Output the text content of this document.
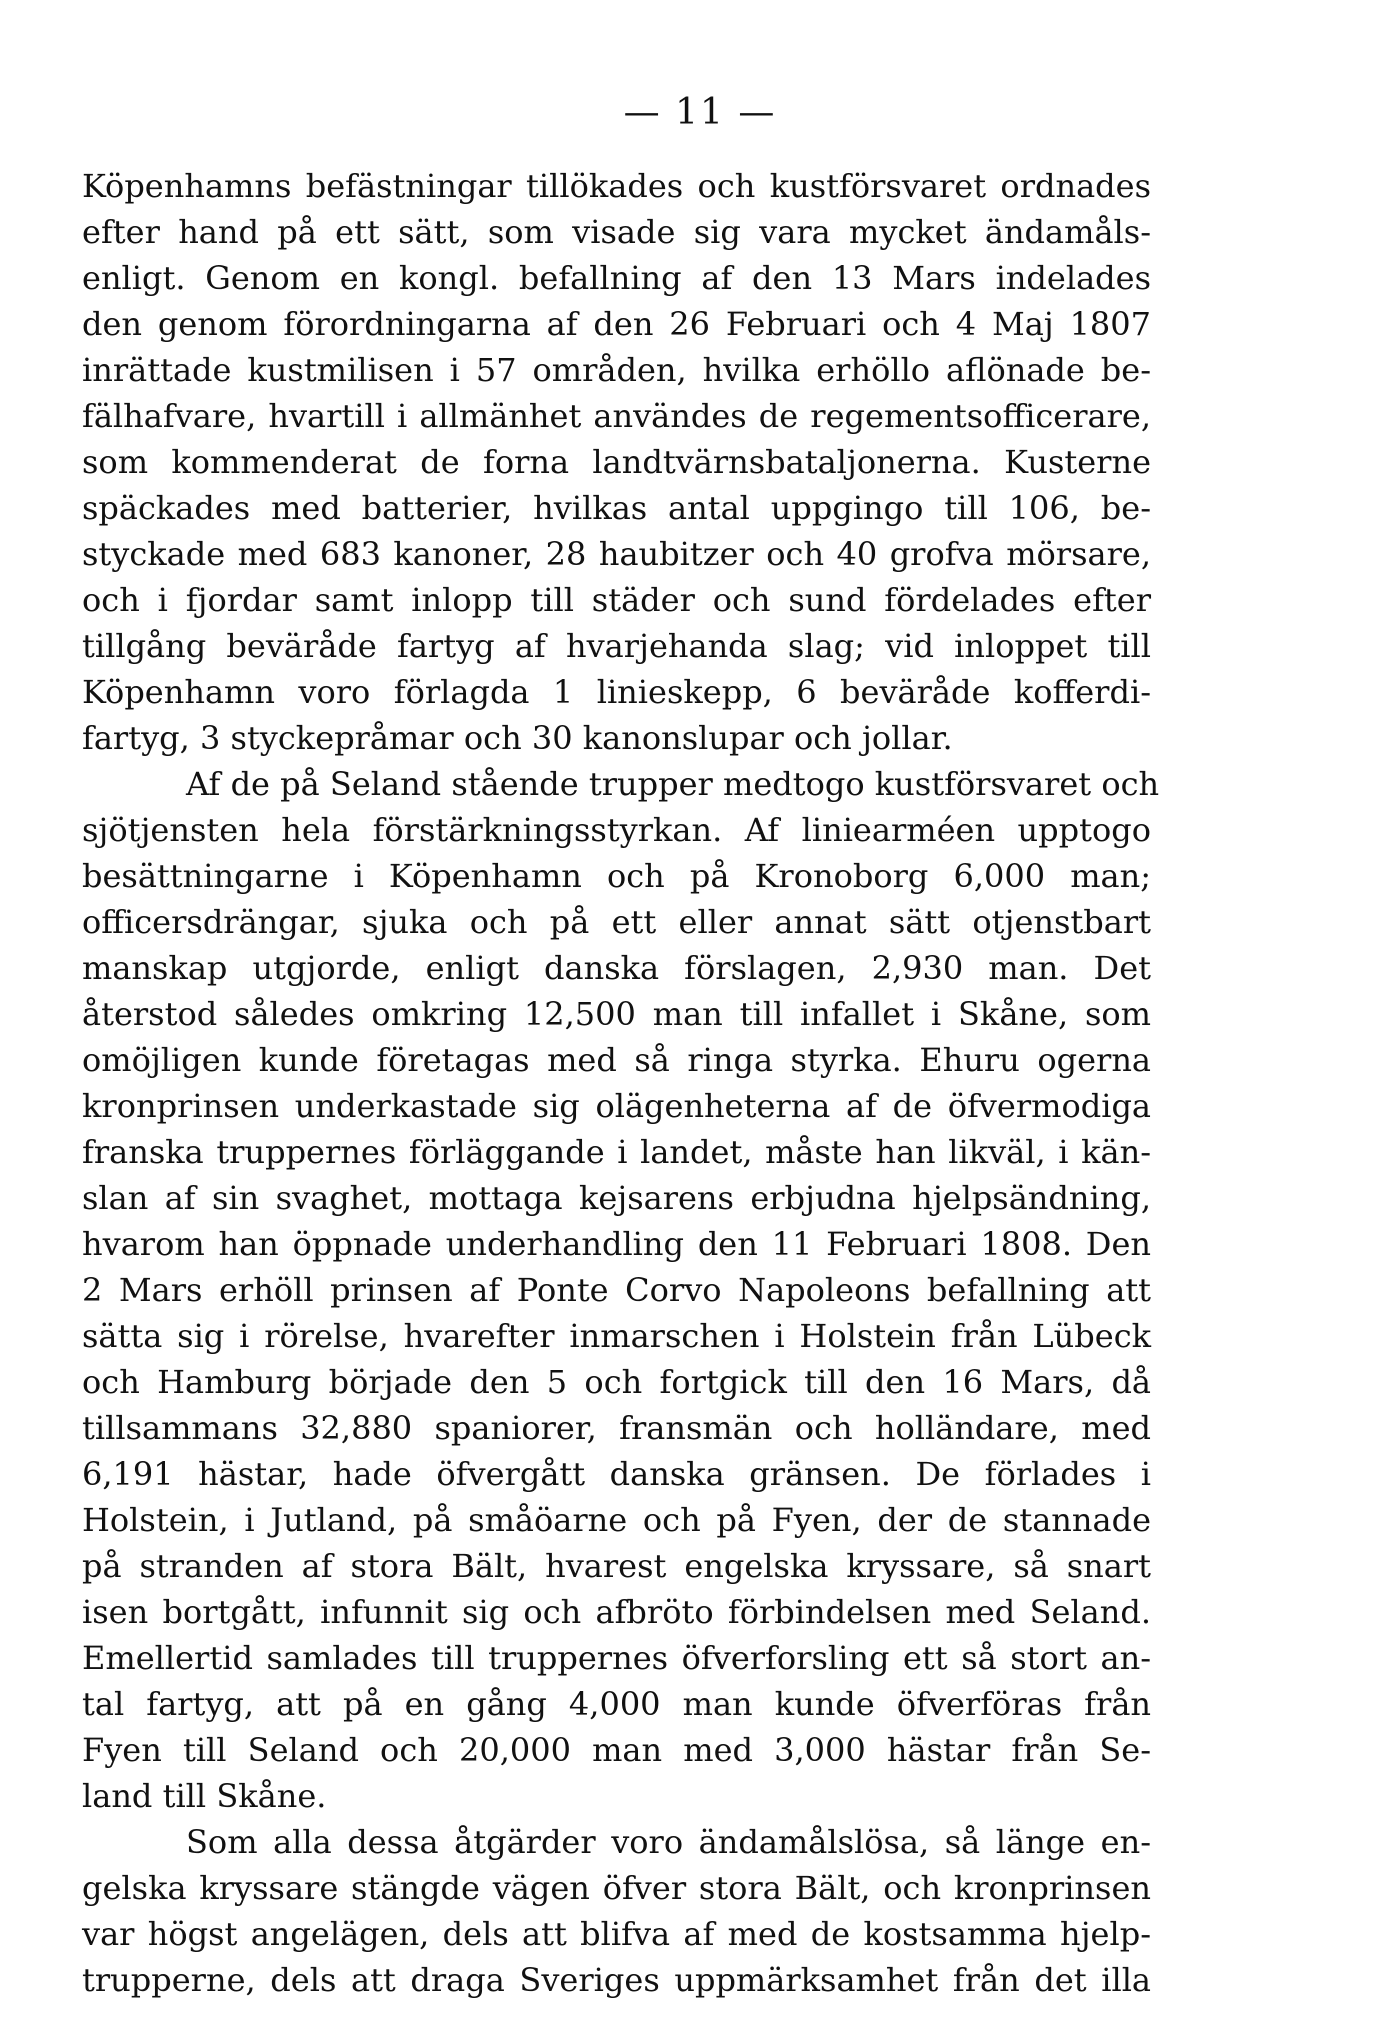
— 11 —
Köpenhamns befästningar tillökades och kustförsvaret ordnades
efter hand på ett sätt, som visade sig vara mycket ändamåls-
enligt. Genom en kongl. befallning af den 13 Mars indelades
den genom förordningarna af den 26 Februari och 4 Maj 1807
inrättade kustmilisen i 57 områden, hvilka erhöllo aflönade be-
fälhafvare, hvartill i allmänhet användes de regementsofficerare,
som kommenderat de forna landtvärnsbataljonerna. Kusterne
späckades med batterier, hvilkas antal uppgingo till 106, be-
styckade med 683 kanoner, 28 haubitzer och 40 grofva mörsare,
och i fjordar samt inlopp till städer och sund fördelades efter
tillgång beväråde fartyg af hvarjehanda slag; vid inloppet till
Köpenhamn voro förlagda 1 linieskepp, 6 beväråde kofferdi-
fartyg, 3 styckepråmar och 30 kanonslupar och jollar.
Af de på Seland stående trupper medtogo kustförsvaret och
sjötjensten hela förstärkningsstyrkan. Af liniearméen upptogo
besättningarne i Köpenhamn och på Kronoborg 6,000 man;
officersdrängar, sjuka och på ett eller annat sätt otjenstbart
manskap utgjorde, enligt danska förslagen, 2,930 man. Det
återstod således omkring 12,500 man till infallet i Skåne, som
omöjligen kunde företagas med så ringa styrka. Ehuru ogerna
kronprinsen underkastade sig olägenheterna af de öfvermodiga
franska truppernes förläggande i landet, måste han likväl, i kän-
slan af sin svaghet, mottaga kejsarens erbjudna hjelpsändning,
hvarom han öppnade underhandling den 11 Februari 1808. Den
2 Mars erhöll prinsen af Ponte Corvo Napoleons befallning att
sätta sig i rörelse, hvarefter inmarschen i Holstein från Lübeck
och Hamburg började den 5 och fortgick till den 16 Mars, då
tillsammans 32,880 spaniorer, fransmän och holländare, med
6,191 hästar, hade öfvergått danska gränsen. De förlades i
Holstein, i Jutland, på småöarne och på Fyen, der de stannade
på stranden af stora Bält, hvarest engelska kryssare, så snart
isen bortgått, infunnit sig och afbröto förbindelsen med Seland.
Emellertid samlades till truppernes öfverforsling ett så stort an-
tal fartyg, att på en gång 4,000 man kunde öfverföras från
Fyen till Seland och 20,000 man med 3,000 hästar från Se-
land till Skåne.
Som alla dessa åtgärder voro ändamålslösa, så länge en-
gelska kryssare stängde vägen öfver stora Bält, och kronprinsen
var högst angelägen, dels att blifva af med de kostsamma hjelp-
trupperne, dels att draga Sveriges uppmärksamhet från det illa
